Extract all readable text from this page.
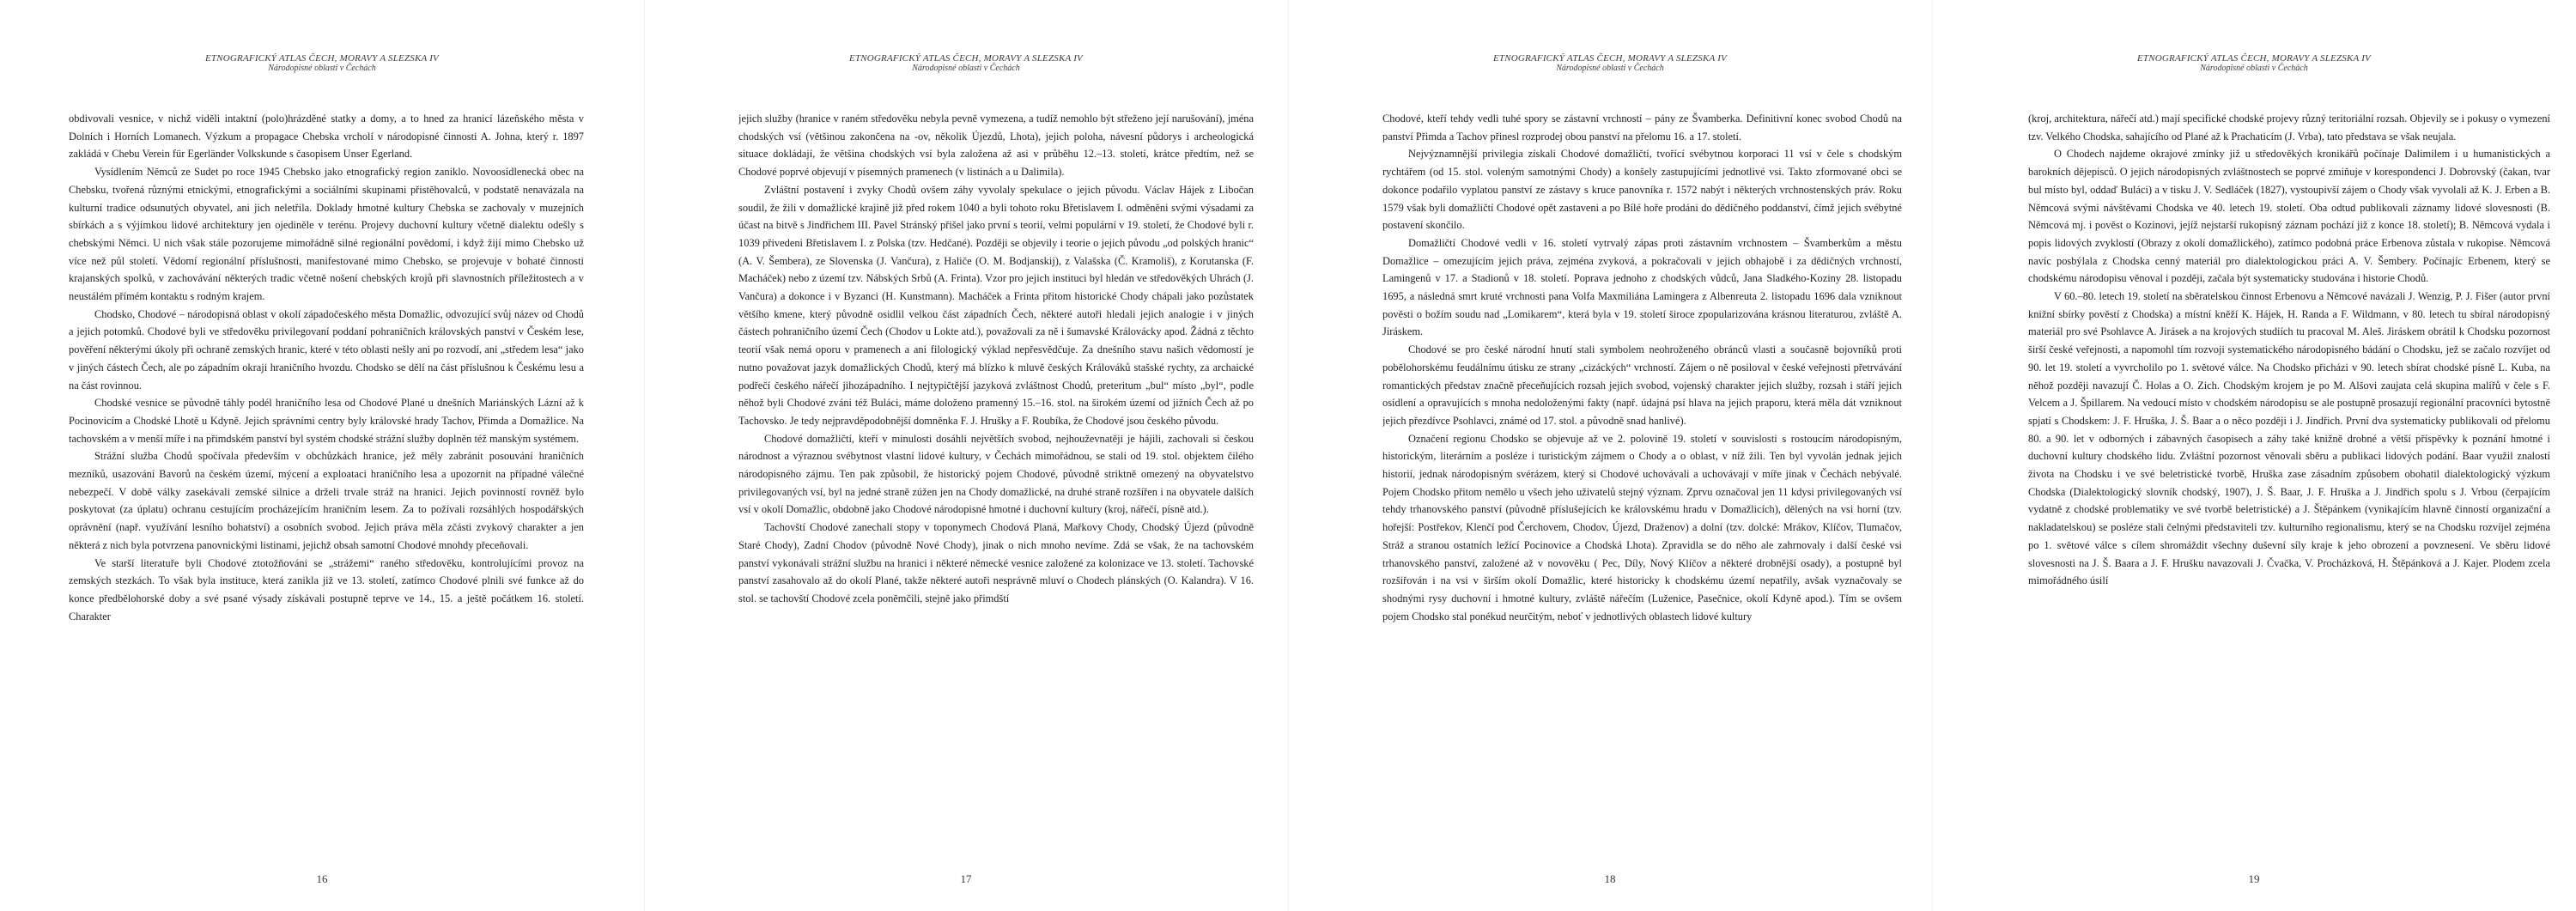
ETNOGRAFICKÝ ATLAS ČECH, MORAVY A SLEZSKA IV
Národopisné oblasti v Čechách

obdivovali vesnice, v nichž viděli intaktní (polo)hrázděné statky a domy, a to hned za hranicí lázeňského města v Dolních i Horních Lomanech. Výzkum a propagace Chebska vrcholí v národopisné činnosti A. Johna, který r. 1897 zakládá v Chebu Verein für Egerländer Volkskunde s časopisem Unser Egerland.

Vysídlením Němců ze Sudet po roce 1945 Chebsko jako etnografický region zaniklo. Novoosídlenecká obec na Chebsku, tvořená různými etnickými, etnografickými a sociálními skupinami přistěhovalců, v podstatě nenavázala na kulturní tradice odsunutých obyvatel, ani jich neletřila. Doklady hmotné kultury Chebska se zachovaly v muzejních sbírkách a s výjimkou lidové architektury jen ojediněle v terénu. Projevy duchovní kultury včetně dialektu odešly s chebskými Němci. U nich však stále pozorujeme mimořádně silné regionální povědomí, i když žijí mimo Chebsko už více než půl století. Vědomí regionální příslušnosti, manifestované mimo Chebsko, se projevuje v bohaté činnosti krajanských spolků, v zachovávání některých tradic včetně nošení chebských krojů při slavnostních příležitostech a v neustálém přímém kontaktu s rodným krajem.

Chodsko, Chodové – národopisná oblast v okolí západočeského města Domažlic, odvozující svůj název od Chodů a jejich potomků. Chodové byli ve středověku privilegovaní poddaní pohraničních královských panství v Českém lese, pověření některými úkoly při ochraně zemských hranic, které v této oblasti nešly ani po rozvodí, ani „středem lesa“ jako v jiných částech Čech, ale po západním okraji hraničního hvozdu. Chodsko se dělí na část příslušnou k Českému lesu a na část rovinnou.

Chodské vesnice se původně táhly podél hraničního lesa od Chodové Plané u dnešních Mariánských Lázní až k Pocinovicím a Chodské Lhotě u Kdyně. Jejich správními centry byly královské hrady Tachov, Přimda a Domažlice. Na tachovském a v menší míře i na přimdském panství byl systém chodské strážní služby doplněn též manským systémem.

Strážní služba Chodů spočívala především v obchůzkách hranice, jež měly zabránit posouvání hraničních mezníků, usazování Bavorů na českém území, mýcení a exploataci hraničního lesa a upozornit na případné válečné nebezpečí. V době války zasekávali zemské silnice a drželi trvale stráž na hranici. Jejich povinností rovněž bylo poskytovat (za úplatu) ochranu cestujícím procházejícím hraničním lesem. Za to požívali rozsáhlých hospodářských oprávnění (např. využívání lesního bohatství) a osobních svobod. Jejich práva měla zčásti zvykový charakter a jen některá z nich byla potvrzena panovnickými listinami, jejichž obsah samotní Chodové mnohdy přeceňovali.

Ve starší literatuře byli Chodové ztotožňováni se „strážemi“ raného středověku, kontrolujícími provoz na zemských stezkách. To však byla instituce, která zanikla již ve 13. století, zatímco Chodové plnili své funkce až do konce předbělohorské doby a své psané výsady získávali postupně teprve ve 14., 15. a ještě počátkem 16. století. Charakter

16
ETNOGRAFICKÝ ATLAS ČECH, MORAVY A SLEZSKA IV
Národopisné oblasti v Čechách

jejich služby (hranice v raném středověku nebyla pevně vymezena, a tudíž nemohlo být střeženo její narušování), jména chodských vsí (většinou zakončena na -ov, několik Újezdů, Lhota), jejich poloha, návesní půdorys i archeologická situace dokládají, že většina chodských vsí byla založena až asi v průběhu 12.–13. století, krátce předtím, než se Chodové poprvé objevují v písemných pramenech (v listinách a u Dalimila).

Zvláštní postavení i zvyky Chodů ovšem záhy vyvolaly spekulace o jejich původu. Václav Hájek z Libočan soudil, že žili v domažlické krajině již před rokem 1040 a byli tohoto roku Břetislavem I. odměněni svými výsadami za účast na bitvě s Jindřichem III. Pavel Stránský přišel jako první s teorií, velmi populární v 19. století, že Chodové byli r. 1039 přivedeni Břetislavem I. z Polska (tzv. Hedčané). Později se objevily i teorie o jejich původu „od polských hranic“ (A. V. Šembera), ze Slovenska (J. Vančura), z Haliče (O. M. Bodjanskij), z Valašska (Č. Kramoliš), z Korutanska (F. Macháček) nebo z území tzv. Nábských Srbů (A. Frinta). Vzor pro jejich instituci byl hledán ve středověkých Uhrách (J. Vančura) a dokonce i v Byzanci (H. Kunstmann). Macháček a Frinta přitom historické Chody chápali jako pozůstatek většího kmene, který původně osidlil velkou část západních Čech, některé autoři hledali jejich analogie i v jiných částech pohraničního území Čech (Chodov u Lokte atd.), považovali za ně i šumavské Královácky apod. Žádná z těchto teorií však nemá oporu v pramenech a ani filologický výklad nepřesvědčuje. Za dnešního stavu našich vědomostí je nutno považovat jazyk domažlických Chodů, který má blízko k mluvě českých Králováků stašské rychty, za archaické podřečí českého nářečí jihozápadního. I nejtypičtější jazyková zvláštnost Chodů, preteritum „bul“ místo „byl“, podle něhož byli Chodové zváni též Buláci, máme doloženo pramenný 15.–16. stol. na širokém území od jižních Čech až po Tachovsko. Je tedy nejpravděpodobnější domněnka F. J. Hrušky a F. Roubíka, že Chodové jsou českého původu.

Chodové domažličtí, kteří v minulosti dosáhli největších svobod, nejhouževnatěji je hájili, zachovali si českou národnost a výraznou svébytnost vlastní lidové kultury, v Čechách mimořádnou, se stali od 19. stol. objektem čilého národopisného zájmu. Ten pak způsobil, že historický pojem Chodové, původně striktně omezený na obyvatelstvo privilegovaných vsí, byl na jedné straně zúžen jen na Chody domažlické, na druhé straně rozšířen i na obyvatele dalších vsí v okolí Domažlic, obdobně jako Chodové národopisné hmotné i duchovní kultury (kroj, nářečí, písně atd.).

Tachovští Chodové zanechali stopy v toponymech Chodová Planá, Mařkovy Chody, Chodský Újezd (původně Staré Chody), Zadní Chodov (původně Nové Chody), jinak o nich mnoho nevíme. Zdá se však, že na tachovském panství vykonávali strážní službu na hranici i některé německé vesnice založené za kolonizace ve 13. století. Tachovské panství zasahovalo až do okolí Plané, takže některé autoři nesprávně mluví o Chodech plánských (O. Kalandra). V 16. stol. se tachovští Chodové zcela poněmčili, stejně jako přimdští

17
ETNOGRAFICKÝ ATLAS ČECH, MORAVY A SLEZSKA IV
Národopisné oblasti v Čechách

Chodové, kteří tehdy vedli tuhé spory se zástavní vrchností – pány ze Švamberka. Definitivní konec svobod Chodů na panství Přimda a Tachov přinesl rozprodej obou panství na přelomu 16. a 17. století.

Nejvýznamnější privilegia získali Chodové domažličtí, tvořící svébytnou korporaci 11 vsí v čele s chodským rychtářem (od 15. stol. voleným samotnými Chody) a konšely zastupujícími jednotlivé vsi. Takto zformované obci se dokonce podařilo vyplatou panství ze zástavy s kruce panovníka r. 1572 nabýt i některých vrchnostenských práv. Roku 1579 však byli domažličtí Chodové opět zastaveni a po Bílé hoře prodáni do dědičného poddanství, čímž jejich svébytné postavení skončilo.

Domažličtí Chodové vedli v 16. století vytrvalý zápas proti zástavním vrchnostem – Švamberkům a městu Domažlice – omezujícím jejich práva, zejména zvyková, a pokračovali v jejich obhajobě i za dědičných vrchností, Lamingenů v 17. a Stadionů v 18. století. Poprava jednoho z chodských vůdců, Jana Sladkého-Koziny 28. listopadu 1695, a následná smrt kruté vrchnosti pana Volfa Maxmiliána Lamingera z Albenreuta 2. listopadu 1696 dala vzniknout pověsti o božím soudu nad „Lomikarem“, která byla v 19. století široce zpopularizována krásnou literaturou, zvláště A. Jiráskem.

Chodové se pro české národní hnutí stali symbolem neohroženého obránců vlasti a současně bojovníků proti pobělohorskému feudálnímu útisku ze strany „cizáckých“ vrchností. Zájem o ně posiloval v české veřejnosti přetrvávání romantických představ značně přeceňujících rozsah jejich svobod, vojenský charakter jejich služby, rozsah i stáří jejich osídlení a opravujících s mnoha nedoloženými fakty (např. údajná psí hlava na jejich praporu, která měla dát vzniknout jejich přezdívce Psohlavci, známé od 17. stol. a původně snad hanlivé).

Označení regionu Chodsko se objevuje až ve 2. polovině 19. století v souvislosti s rostoucím národopisným, historickým, literárním a posléze i turistickým zájmem o Chody a o oblast, v níž žili. Ten byl vyvolán jednak jejich historií, jednak národopisným svérázem, který si Chodové uchovávali a uchovávají v míře jinak v Čechách nebývalé. Pojem Chodsko přitom nemělo u všech jeho uživatelů stejný význam. Zprvu označoval jen 11 kdysi privilegovaných vsí tehdy trhanovského panství (původně příslušejících ke královskému hradu v Domažlicích), dělených na vsi horní (tzv. hořejší: Postřekov, Klenčí pod Čerchovem, Chodov, Újezd, Draženov) a dolní (tzv. dolcké: Mrákov, Klíčov, Tlumačov, Stráž a stranou ostatních ležící Pocinovice a Chodská Lhota). Zpravidla se do něho ale zahrnovaly i další české vsi trhanovského panství, založené až v novověku ( Pec, Díly, Nový Klíčov a některé drobnější osady), a postupně byl rozšiřován i na vsi v širším okolí Domažlic, které historicky k chodskému území nepatřily, avšak vyznačovaly se shodnými rysy duchovní i hmotné kultury, zvláště nářečím (Luženice, Pasečnice, okolí Kdyně apod.). Tím se ovšem pojem Chodsko stal ponékud neurčitým, neboť v jednotlivých oblastech lidové kultury

18
ETNOGRAFICKÝ ATLAS ČECH, MORAVY A SLEZSKA IV
Národopisné oblasti v Čechách

(kroj, architektura, nářečí atd.) mají specifické chodské projevy různý teritoriální rozsah. Objevily se i pokusy o vymezení tzv. Velkého Chodska, sahajícího od Plané až k Prachaticím (J. Vrba), tato představa se však neujala.

O Chodech najdeme okrajové zmínky již u středověkých kronikářů počínaje Dalimilem i u humanistických a barokních dějepisců. O jejich národopisných zvláštnostech se poprvé zmiňuje v korespondenci J. Dobrovský (čakan, tvar bul místo byl, oddaď Buláci) a v tisku J. V. Sedláček (1827), vystoupivší zájem o Chody však vyvolali až K. J. Erben a B. Němcová svými návštěvami Chodska ve 40. letech 19. století. Oba odtud publikovali záznamy lidové slovesnosti (B. Němcová mj. i pověst o Kozinovi, jejíž nejstarší rukopisný záznam pochází již z konce 18. století); B. Němcová vydala i popis lidových zvyklostí (Obrazy z okolí domažlického), zatímco podobná práce Erbenova zůstala v rukopise. Němcová navíc posbýlala z Chodska cenný materiál pro dialektologickou práci A. V. Šembery. Počínajíc Erbenem, který se chodskému národopisu věnoval i později, začala být systematicky studována i historie Chodů.

V 60.–80. letech 19. století na sběratelskou činnost Erbenovu a Němcové navázali J. Wenzig, P. J. Fišer (autor první knižní sbírky pověstí z Chodska) a místní kněží K. Hájek, H. Randa a F. Wildmann, v 80. letech tu sbíral národopisný materiál pro své Psohlavce A. Jirásek a na krojových studiích tu pracoval M. Aleš. Jiráskem obrátil k Chodsku pozornost širší české veřejnosti, a napomohl tím rozvoji systematického národopisného bádání o Chodsku, jež se začalo rozvíjet od 90. let 19. století a vyvrcholilo po 1. světové válce. Na Chodsko přicházi v 90. letech sbírat chodské písně L. Kuba, na něhož později navazují Č. Holas a O. Zich. Chodským krojem je po M. Alšovi zaujata celá skupina malířů v čele s F. Velcem a J. Špillarem. Na vedoucí místo v chodském národopisu se ale postupně prosazují regionální pracovníci bytostně spjatí s Chodskem: J. F. Hruška, J. Š. Baar a o něco později i J. Jindřich. První dva systematicky publikovali od přelomu 80. a 90. let v odborných i zábavných časopisech a záhy také knižně drobné a větší příspěvky k poznání hmotné i duchovní kultury chodského lidu. Zvláštní pozornost věnovali sběru a publikaci lidových podání. Baar využil znalostí života na Chodsku i ve své beletristické tvorbě, Hruška zase zásadním způsobem obohatil dialektologický výzkum Chodska (Dialektologický slovník chodský, 1907), J. Š. Baar, J. F. Hruška a J. Jindřich spolu s J. Vrbou (čerpajícím vydatně z chodské problematiky ve své tvorbě beletristické) a J. Štěpánkem (vynikajícím hlavně činností organizační a nakladatelskou) se posléze stali čelnými představiteli tzv. kulturního regionalismu, který se na Chodsku rozvíjel zejména po 1. světové válce s cílem shromáždit všechny duševní síly kraje k jeho obrození a povznesení. Ve sběru lidové slovesnosti na J. Š. Baara a J. F. Hrušku navazovali J. Čvačka, V. Procházková, H. Štěpánková a J. Kajer. Plodem zcela mimořádného úsilí

19
